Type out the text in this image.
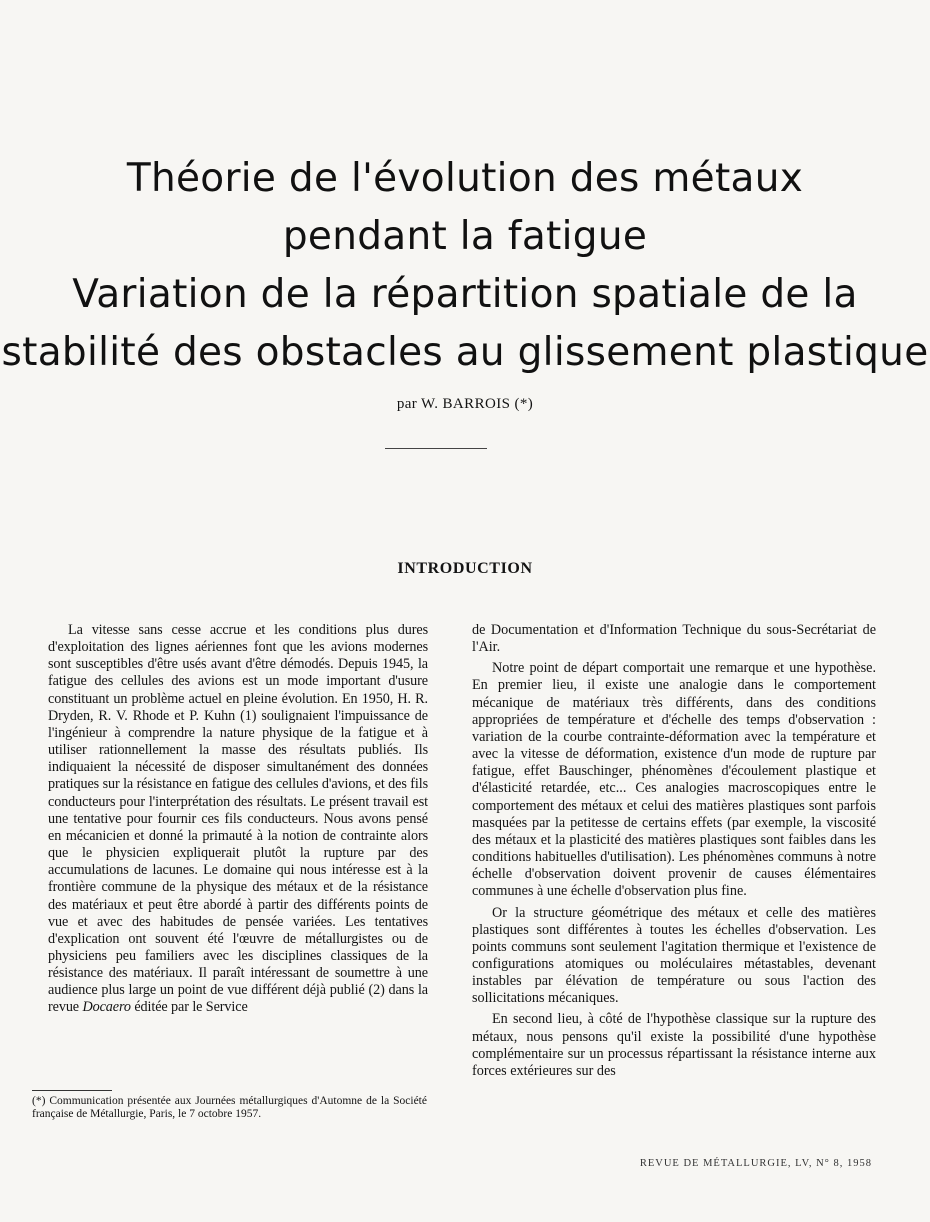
Théorie de l'évolution des métaux
pendant la fatigue
Variation de la répartition spatiale de la
stabilité des obstacles au glissement plastique
par W. BARROIS (*)
INTRODUCTION

La vitesse sans cesse accrue et les conditions plus dures d'exploitation des lignes aériennes font que les avions modernes sont susceptibles d'être usés avant d'être démodés. Depuis 1945, la fatigue des cellules des avions est un mode important d'usure constituant un problème actuel en pleine évolution. En 1950, H. R. Dryden, R. V. Rhode et P. Kuhn (1) soulignaient l'impuissance de l'ingénieur à comprendre la nature physique de la fatigue et à utiliser rationnellement la masse des résultats publiés. Ils indiquaient la nécessité de disposer simultanément des données pratiques sur la résistance en fatigue des cellules d'avions, et des fils conducteurs pour l'interprétation des résultats. Le présent travail est une tentative pour fournir ces fils conducteurs. Nous avons pensé en mécanicien et donné la primauté à la notion de contrainte alors que le physicien expliquerait plutôt la rupture par des accumulations de lacunes. Le domaine qui nous intéresse est à la frontière commune de la physique des métaux et de la résistance des matériaux et peut être abordé à partir des différents points de vue et avec des habitudes de pensée variées. Les tentatives d'explication ont souvent été l'œuvre de métallurgistes ou de physiciens peu familiers avec les disciplines classiques de la résistance des matériaux. Il paraît intéressant de soumettre à une audience plus large un point de vue différent déjà publié (2) dans la revue Docaero éditée par le Service

de Documentation et d'Information Technique du sous-Secrétariat de l'Air.

Notre point de départ comportait une remarque et une hypothèse. En premier lieu, il existe une analogie dans le comportement mécanique de matériaux très différents, dans des conditions appropriées de température et d'échelle des temps d'observation : variation de la courbe contrainte-déformation avec la température et avec la vitesse de déformation, existence d'un mode de rupture par fatigue, effet Bauschinger, phénomènes d'écoulement plastique et d'élasticité retardée, etc... Ces analogies macroscopiques entre le comportement des métaux et celui des matières plastiques sont parfois masquées par la petitesse de certains effets (par exemple, la viscosité des métaux et la plasticité des matières plastiques sont faibles dans les conditions habituelles d'utilisation). Les phénomènes communs à notre échelle d'observation doivent provenir de causes élémentaires communes à une échelle d'observation plus fine.

Or la structure géométrique des métaux et celle des matières plastiques sont différentes à toutes les échelles d'observation. Les points communs sont seulement l'agitation thermique et l'existence de configurations atomiques ou moléculaires métastables, devenant instables par élévation de température ou sous l'action des sollicitations mécaniques.

En second lieu, à côté de l'hypothèse classique sur la rupture des métaux, nous pensons qu'il existe la possibilité d'une hypothèse complémentaire sur un processus répartissant la résistance interne aux forces extérieures sur des

(*) Communication présentée aux Journées métallurgiques d'Automne de la Société française de Métallurgie, Paris, le 7 octobre 1957.
REVUE DE MÉTALLURGIE, LV, N° 8, 1958
